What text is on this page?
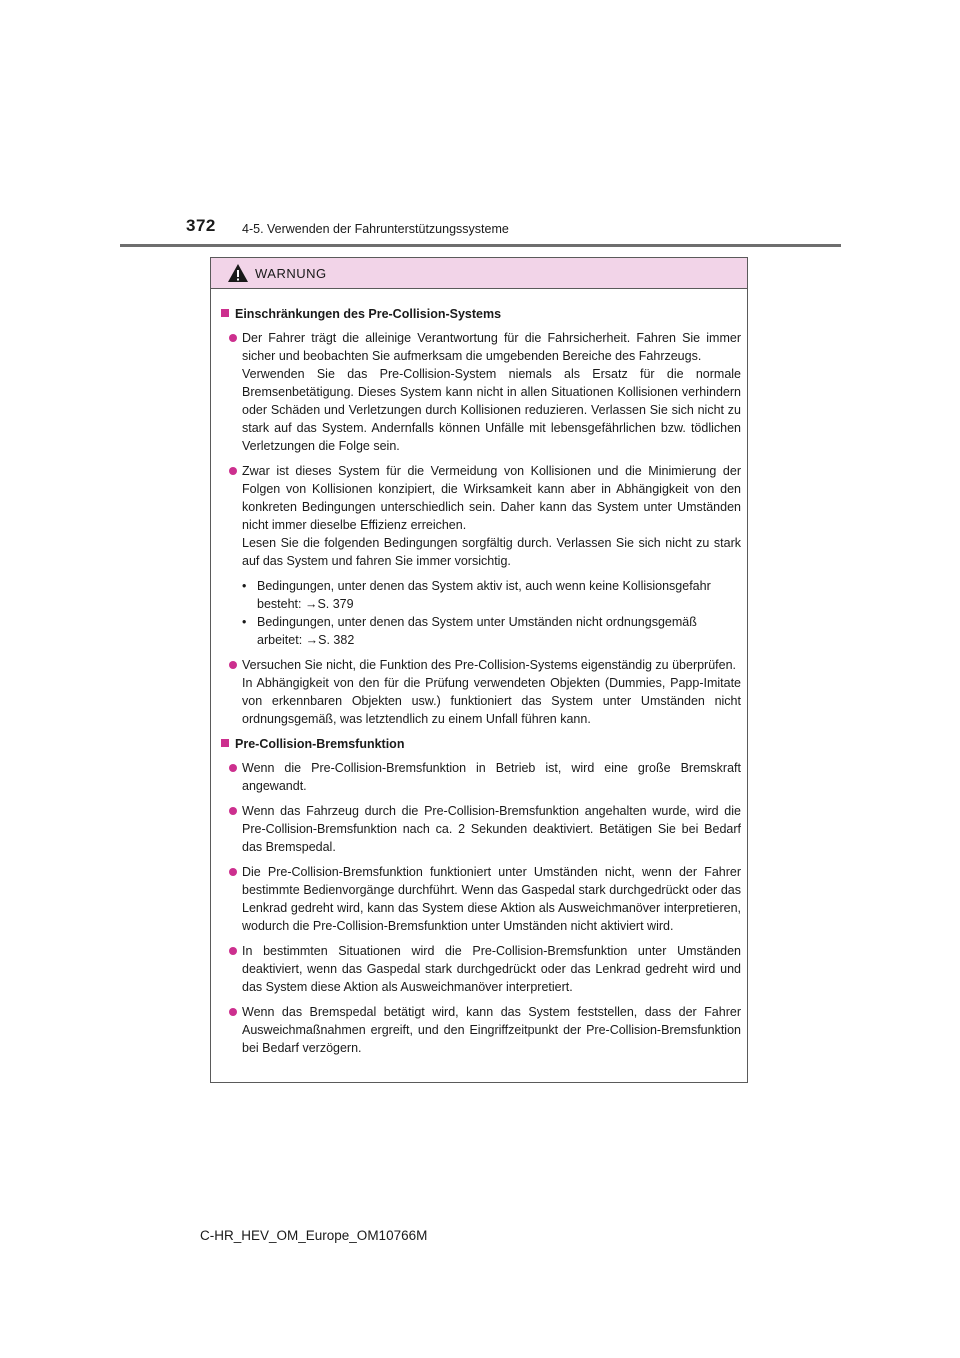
372 4-5. Verwenden der Fahrunterstützungssysteme
WARNUNG
Einschränkungen des Pre-Collision-Systems
Der Fahrer trägt die alleinige Verantwortung für die Fahrsicherheit. Fahren Sie immer sicher und beobachten Sie aufmerksam die umgebenden Bereiche des Fahrzeugs.
Verwenden Sie das Pre-Collision-System niemals als Ersatz für die normale Bremsenbetätigung. Dieses System kann nicht in allen Situationen Kollisionen verhindern oder Schäden und Verletzungen durch Kollisionen reduzieren. Verlassen Sie sich nicht zu stark auf das System. Andernfalls können Unfälle mit lebensgefährlichen bzw. tödlichen Verletzungen die Folge sein.
Zwar ist dieses System für die Vermeidung von Kollisionen und die Minimierung der Folgen von Kollisionen konzipiert, die Wirksamkeit kann aber in Abhängigkeit von den konkreten Bedingungen unterschiedlich sein. Daher kann das System unter Umständen nicht immer dieselbe Effizienz erreichen.
Lesen Sie die folgenden Bedingungen sorgfältig durch. Verlassen Sie sich nicht zu stark auf das System und fahren Sie immer vorsichtig.
• Bedingungen, unter denen das System aktiv ist, auch wenn keine Kollisionsgefahr besteht: →S. 379
• Bedingungen, unter denen das System unter Umständen nicht ordnungsgemäß arbeitet: →S. 382
Versuchen Sie nicht, die Funktion des Pre-Collision-Systems eigenständig zu überprüfen.
In Abhängigkeit von den für die Prüfung verwendeten Objekten (Dummies, Papp-Imitate von erkennbaren Objekten usw.) funktioniert das System unter Umständen nicht ordnungsgemäß, was letztendlich zu einem Unfall führen kann.
Pre-Collision-Bremsfunktion
Wenn die Pre-Collision-Bremsfunktion in Betrieb ist, wird eine große Bremskraft angewandt.
Wenn das Fahrzeug durch die Pre-Collision-Bremsfunktion angehalten wurde, wird die Pre-Collision-Bremsfunktion nach ca. 2 Sekunden deaktiviert. Betätigen Sie bei Bedarf das Bremspedal.
Die Pre-Collision-Bremsfunktion funktioniert unter Umständen nicht, wenn der Fahrer bestimmte Bedienvorgänge durchführt. Wenn das Gaspedal stark durchgedrückt oder das Lenkrad gedreht wird, kann das System diese Aktion als Ausweichmanöver interpretieren, wodurch die Pre-Collision-Bremsfunktion unter Umständen nicht aktiviert wird.
In bestimmten Situationen wird die Pre-Collision-Bremsfunktion unter Umständen deaktiviert, wenn das Gaspedal stark durchgedrückt oder das Lenkrad gedreht wird und das System diese Aktion als Ausweichmanöver interpretiert.
Wenn das Bremspedal betätigt wird, kann das System feststellen, dass der Fahrer Ausweichmaßnahmen ergreift, und den Eingriffzeitpunkt der Pre-Collision-Bremsfunktion bei Bedarf verzögern.
C-HR_HEV_OM_Europe_OM10766M
